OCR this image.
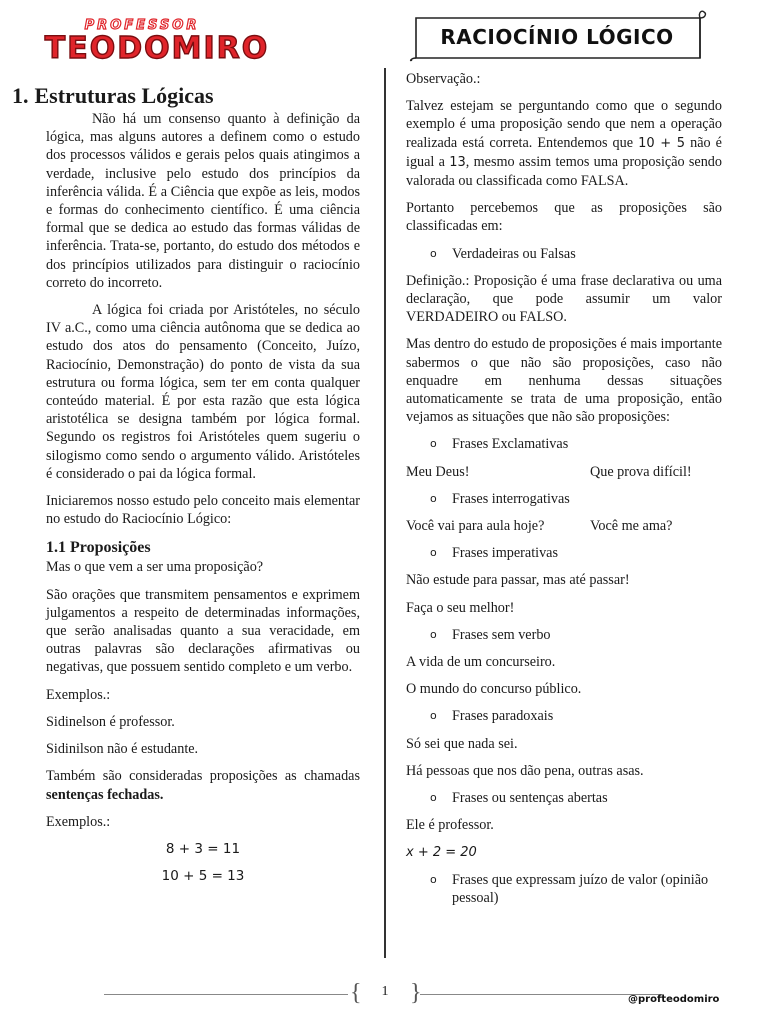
PROFESSOR
TEODOMIRO	RACIOCÍNIO LÓGICO
1. Estruturas Lógicas

Não há um consenso quanto à definição da lógica, mas alguns autores a definem como o estudo dos processos válidos e gerais pelos quais atingimos a verdade, inclusive pelo estudo dos princípios da inferência válida. É a Ciência que expõe as leis, modos e formas do conhecimento científico. É uma ciência formal que se dedica ao estudo das formas válidas de inferência. Trata-se, portanto, do estudo dos métodos e dos princípios utilizados para distinguir o raciocínio correto do incorreto.

A lógica foi criada por Aristóteles, no século IV a.C., como uma ciência autônoma que se dedica ao estudo dos atos do pensamento (Conceito, Juízo, Raciocínio, Demonstração) do ponto de vista da sua estrutura ou forma lógica, sem ter em conta qualquer conteúdo material. É por esta razão que esta lógica aristotélica se designa também por lógica formal. Segundo os registros foi Aristóteles quem sugeriu o silogismo como sendo o argumento válido. Aristóteles é considerado o pai da lógica formal.

Iniciaremos nosso estudo pelo conceito mais elementar no estudo do Raciocínio Lógico:

1.1 Proposições

Mas o que vem a ser uma proposição?

São orações que transmitem pensamentos e exprimem julgamentos a respeito de determinadas informações, que serão analisadas quanto a sua veracidade, em outras palavras são declarações afirmativas ou negativas, que possuem sentido completo e um verbo.

Exemplos.:

Sidinelson é professor.

Sidinilson não é estudante.

Também são consideradas proposições as chamadas sentenças fechadas.

Exemplos.:

8 + 3 = 11
10 + 5 = 13

Observação.:

Talvez estejam se perguntando como que o segundo exemplo é uma proposição sendo que nem a operação realizada está correta. Entendemos que 10 + 5 não é igual a 13, mesmo assim temos uma proposição sendo valorada ou classificada como FALSA.

Portanto percebemos que as proposições são classificadas em:

o	Verdadeiras ou Falsas

Definição.: Proposição é uma frase declarativa ou uma declaração, que pode assumir um valor VERDADEIRO ou FALSO.

Mas dentro do estudo de proposições é mais importante sabermos o que não são proposições, caso não enquadre em nenhuma dessas situações automaticamente se trata de uma proposição, então vejamos as situações que não são proposições:

o	Frases Exclamativas
Meu Deus!	Que prova difícil!
o	Frases interrogativas
Você vai para aula hoje?	Você me ama?
o	Frases imperativas

Não estude para passar, mas até passar!

Faça o seu melhor!

o	Frases sem verbo

A vida de um concurseiro.

O mundo do concurso público.

o	Frases paradoxais

Só sei que nada sei.

Há pessoas que nos dão pena, outras asas.

o	Frases ou sentenças abertas

Ele é professor.

x + 2 = 20

o	Frases que expressam juízo de valor (opinião pessoal)
{ }
1
@profteodomiro
